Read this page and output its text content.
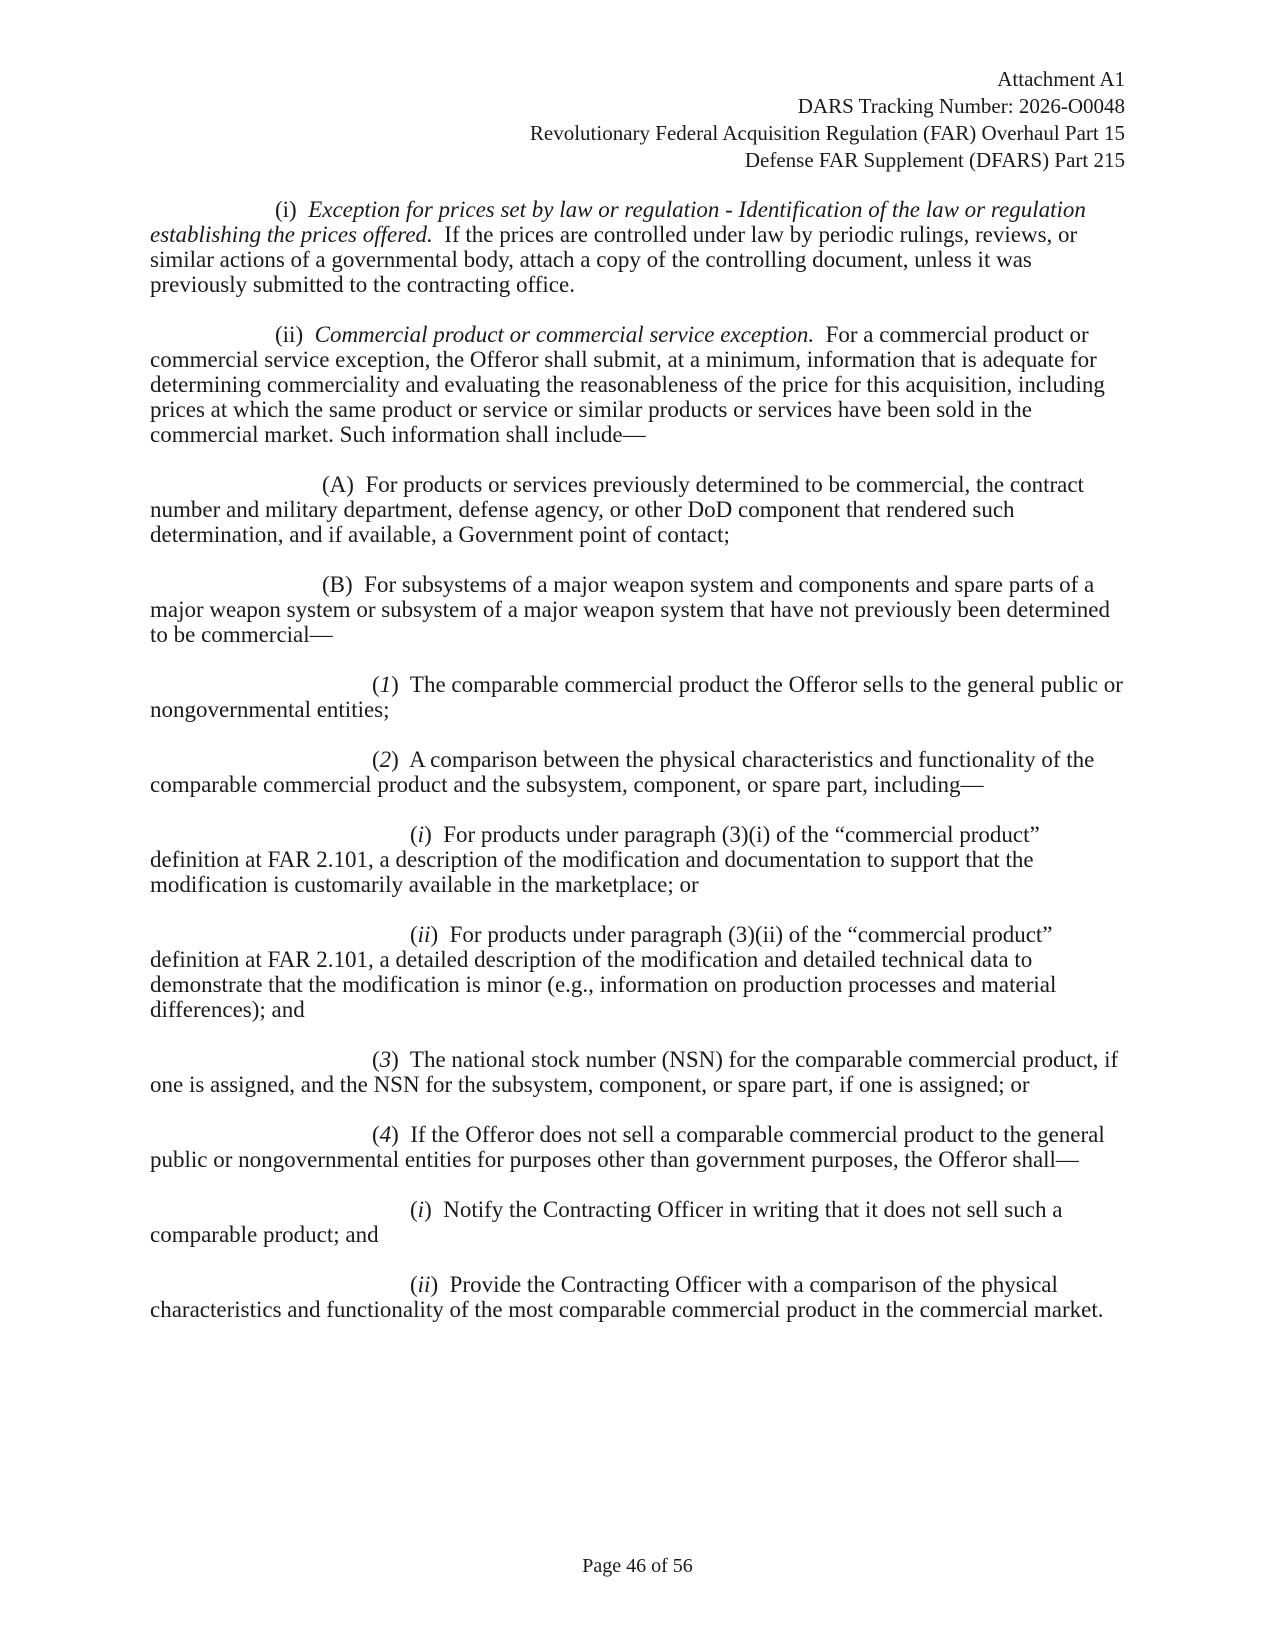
Attachment A1
DARS Tracking Number: 2026-O0048
Revolutionary Federal Acquisition Regulation (FAR) Overhaul Part 15
Defense FAR Supplement (DFARS) Part 215

(i) Exception for prices set by law or regulation - Identification of the law or regulation establishing the prices offered. If the prices are controlled under law by periodic rulings, reviews, or similar actions of a governmental body, attach a copy of the controlling document, unless it was previously submitted to the contracting office.

(ii) Commercial product or commercial service exception. For a commercial product or commercial service exception, the Offeror shall submit, at a minimum, information that is adequate for determining commerciality and evaluating the reasonableness of the price for this acquisition, including prices at which the same product or service or similar products or services have been sold in the commercial market. Such information shall include—

(A) For products or services previously determined to be commercial, the contract number and military department, defense agency, or other DoD component that rendered such determination, and if available, a Government point of contact;

(B) For subsystems of a major weapon system and components and spare parts of a major weapon system or subsystem of a major weapon system that have not previously been determined to be commercial—

(1)  The comparable commercial product the Offeror sells to the general public or nongovernmental entities;

(2)  A comparison between the physical characteristics and functionality of the comparable commercial product and the subsystem, component, or spare part, including—

(i)  For products under paragraph (3)(i) of the “commercial product” definition at FAR 2.101, a description of the modification and documentation to support that the modification is customarily available in the marketplace; or

(ii)  For products under paragraph (3)(ii) of the “commercial product” definition at FAR 2.101, a detailed description of the modification and detailed technical data to demonstrate that the modification is minor (e.g., information on production processes and material differences); and

(3)  The national stock number (NSN) for the comparable commercial product, if one is assigned, and the NSN for the subsystem, component, or spare part, if one is assigned; or

(4)  If the Offeror does not sell a comparable commercial product to the general public or nongovernmental entities for purposes other than government purposes, the Offeror shall—

(i)  Notify the Contracting Officer in writing that it does not sell such a comparable product; and

(ii)  Provide the Contracting Officer with a comparison of the physical characteristics and functionality of the most comparable commercial product in the commercial market.

Page 46 of 56
